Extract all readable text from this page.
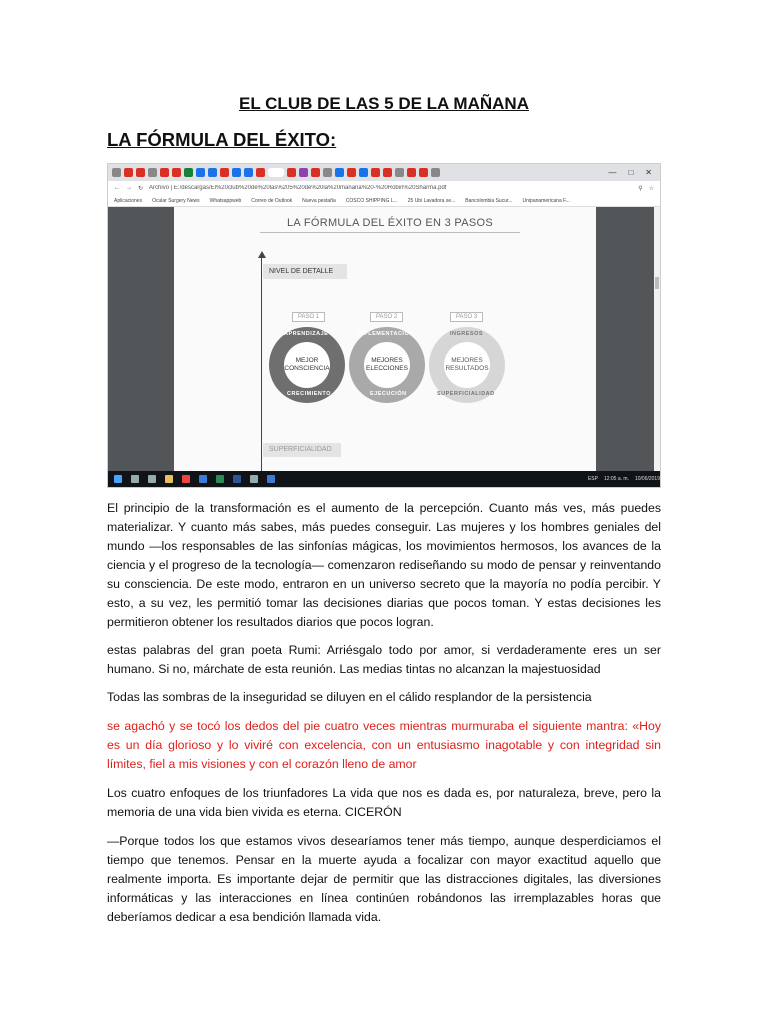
EL CLUB DE LAS 5 DE LA MAÑANA
LA FÓRMULA DEL ÉXITO:
— □ ✕
← → ↻ Archivo | E:/descargas/El%20club%20de%20las%205%20de%20la%20mañana%20-%20Robin%20Sharma.pdf	⚲ ☆
Aplicaciones Ocular Surgery News Whatsappweb Correo de Outlook Nueva pestaña COSCO SHIPPING L... 25 Ubi Lavadora se... Bancolombia Sucur... Unipanamericana F...
LA FÓRMULA DEL ÉXITO EN 3 PASOS
NIVEL DE DETALLE
SUPERFICIALIDAD
PASO 1	PASO 2	PASO 3
APRENDIZAJE
MEJOR CONSCIENCIA
CRECIMIENTO
IMPLEMENTACIÓN
MEJORES ELECCIONES
EJECUCIÓN
INGRESOS
MEJORES RESULTADOS
SUPERFICIALIDAD
ESP 12:05 a. m. 10/06/2019

El principio de la transformación es el aumento de la percepción. Cuanto más ves, más puedes materializar. Y cuanto más sabes, más puedes conseguir. Las mujeres y los hombres geniales del mundo —los responsables de las sinfonías mágicas, los movimientos hermosos, los avances de la ciencia y el progreso de la tecnología— comenzaron rediseñando su modo de pensar y reinventando su consciencia. De este modo, entraron en un universo secreto que la mayoría no podía percibir. Y esto, a su vez, les permitió tomar las decisiones diarias que pocos toman. Y estas decisiones les permitieron obtener los resultados diarios que pocos logran.

estas palabras del gran poeta Rumi: Arriésgalo todo por amor, si verdaderamente eres un ser humano. Si no, márchate de esta reunión. Las medias tintas no alcanzan la majestuosidad

Todas las sombras de la inseguridad se diluyen en el cálido resplandor de la persistencia

se agachó y se tocó los dedos del pie cuatro veces mientras murmuraba el siguiente mantra: «Hoy es un día glorioso y lo viviré con excelencia, con un entusiasmo inagotable y con integridad sin límites, fiel a mis visiones y con el corazón lleno de amor

Los cuatro enfoques de los triunfadores La vida que nos es dada es, por naturaleza, breve, pero la memoria de una vida bien vivida es eterna. CICERÓN

—Porque todos los que estamos vivos desearíamos tener más tiempo, aunque desperdiciamos el tiempo que tenemos. Pensar en la muerte ayuda a focalizar con mayor exactitud aquello que realmente importa. Es importante dejar de permitir que las distracciones digitales, las diversiones informáticas y las interacciones en línea continúen robándonos las irremplazables horas que deberíamos dedicar a esa bendición llamada vida.
